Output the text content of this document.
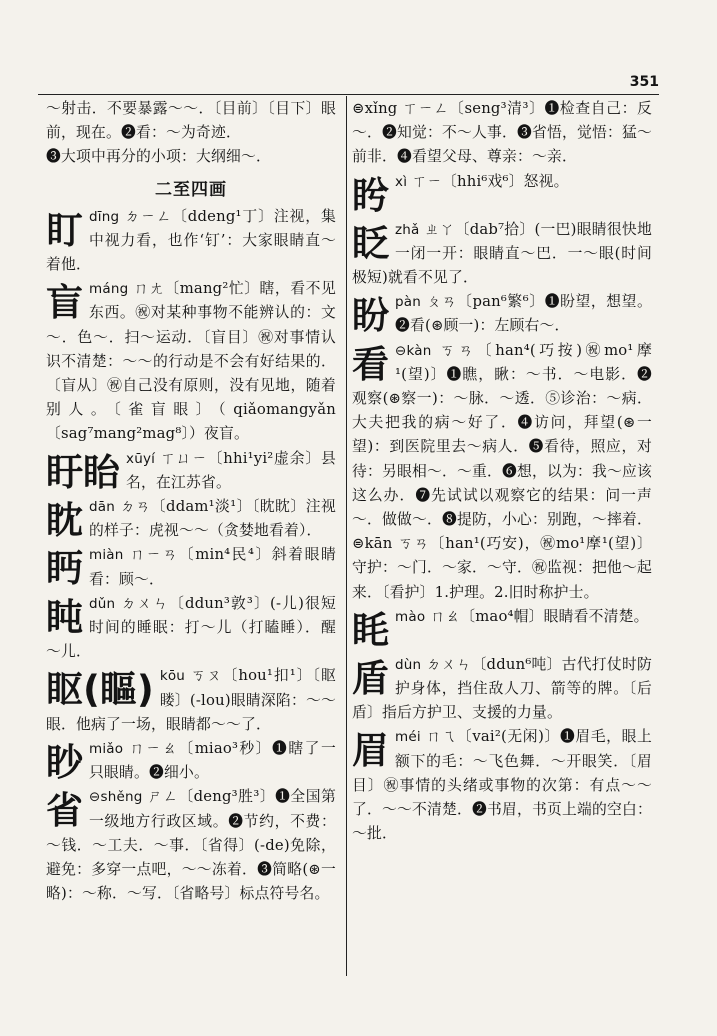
351

～射击．不要暴露～～．〔目前〕〔目下〕眼前，现在。❷看：～为奇迹．

❸大项中再分的小项：大纲细～．

二至四画
盯 dīng ㄉㄧㄥ〔ddeng¹丁〕注视，集中视力看，也作‘钉’：大家眼睛直～着他．

盲 máng ㄇㄤ〔mang²忙〕瞎，看不见东西。㊗对某种事物不能辨认的：文～．色～．扫～运动．〔盲目〕㊗对事情认识不清楚：～～的行动是不会有好结果的．〔盲从〕㊗自己没有原则，没有见地，随着别人。〔雀盲眼〕（qiǎomangyǎn〔sag⁷mang²mag⁸〕）夜盲。

盱眙 xūyí ㄒㄩㄧ〔hhi¹yi²虚余〕县名，在江苏省。

眈 dān ㄉㄢ〔ddam¹淡¹〕〔眈眈〕注视的样子：虎视～～（贪婪地看着）．

眄 miàn ㄇㄧㄢ〔min⁴民⁴〕斜着眼睛看：顾～．

盹 dǔn ㄉㄨㄣ〔ddun³敦³〕(-儿)很短时间的睡眠：打～儿（打瞌睡）．醒～儿．

眍(瞘) kōu ㄎㄡ〔hou¹扣¹〕〔眍䁖〕(-lou)眼睛深陷：～～眼．他病了一场，眼睛都～～了．

眇 miǎo ㄇㄧㄠ〔miao³秒〕❶瞎了一只眼睛。❷细小。

省 ⊖shěng ㄕㄥ〔deng³胜³〕❶全国第一级地方行政区域。❷节约，不费：～钱．～工夫．～事．〔省得〕(-de)免除，避免：多穿一点吧，～～冻着．❸简略(⊛一略)：～称．～写．〔省略号〕标点符号名。

⊜xǐng ㄒㄧㄥ〔seng³清³〕❶检查自己：反～．❷知觉：不～人事．❸省悟，觉悟：猛～前非．❹看望父母、尊亲：～亲．

盻 xì ㄒㄧ〔hhi⁶戏⁶〕怒视。

眨 zhǎ ㄓㄚ〔dab⁷拾〕(一巴)眼睛很快地一闭一开：眼睛直～巴．一～眼(时间极短)就看不见了．

盼 pàn ㄆㄢ〔pan⁶繁⁶〕❶盼望，想望。❷看(⊛顾一)：左顾右～．

看 ⊖kàn ㄎㄢ〔han⁴(巧按)㊗mo¹摩¹(望)〕❶瞧，瞅：～书．～电影．❷观察(⊛察一)：～脉．～透．⑤诊治：～病．大夫把我的病～好了．❹访问，拜望(⊛一望)：到医院里去～病人．❺看待，照应，对待：另眼相～．～重．❻想，以为：我～应该这么办．❼先试试以观察它的结果：问一声～．做做～．❽提防，小心：别跑，～摔着．

⊜kān ㄎㄢ〔han¹(巧安)，㊗mo¹摩¹(望)〕守护：～门．～家．～守．㊗监视：把他～起来．〔看护〕1.护理。2.旧时称护士。

眊 mào ㄇㄠ〔mao⁴帽〕眼睛看不清楚。

盾 dùn ㄉㄨㄣ〔ddun⁶吨〕古代打仗时防护身体，挡住敌人刀、箭等的牌。〔后盾〕指后方护卫、支援的力量。

眉 méi ㄇㄟ〔vai²(无闲)〕❶眉毛，眼上额下的毛：～飞色舞．～开眼笑．〔眉目〕㊗事情的头绪或事物的次第：有点～～了．～～不清楚．❷书眉，书页上端的空白：～批．
